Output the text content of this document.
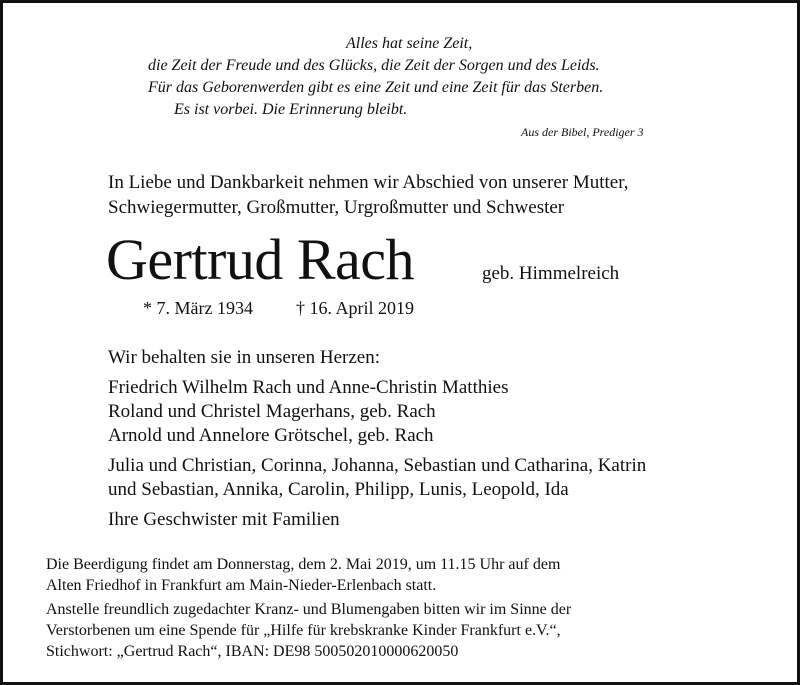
Alles hat seine Zeit,
die Zeit der Freude und des Glücks, die Zeit der Sorgen und des Leids.
Für das Geborenwerden gibt es eine Zeit und eine Zeit für das Sterben.
Es ist vorbei. Die Erinnerung bleibt.
Aus der Bibel, Prediger 3
In Liebe und Dankbarkeit nehmen wir Abschied von unserer Mutter,
Schwiegermutter, Großmutter, Urgroßmutter und Schwester
Gertrud Rach	geb. Himmelreich
* 7. März 1934 † 16. April 2019
Wir behalten sie in unseren Herzen:
Friedrich Wilhelm Rach und Anne-Christin Matthies
Roland und Christel Magerhans, geb. Rach
Arnold und Annelore Grötschel, geb. Rach
Julia und Christian, Corinna, Johanna, Sebastian und Catharina, Katrin
und Sebastian, Annika, Carolin, Philipp, Lunis, Leopold, Ida
Ihre Geschwister mit Familien
Die Beerdigung findet am Donnerstag, dem 2. Mai 2019, um 11.15 Uhr auf dem
Alten Friedhof in Frankfurt am Main-Nieder-Erlenbach statt.
Anstelle freundlich zugedachter Kranz- und Blumengaben bitten wir im Sinne der
Verstorbenen um eine Spende für „Hilfe für krebskranke Kinder Frankfurt e.V.“,
Stichwort: „Gertrud Rach“, IBAN: DE98 500502010000620050
